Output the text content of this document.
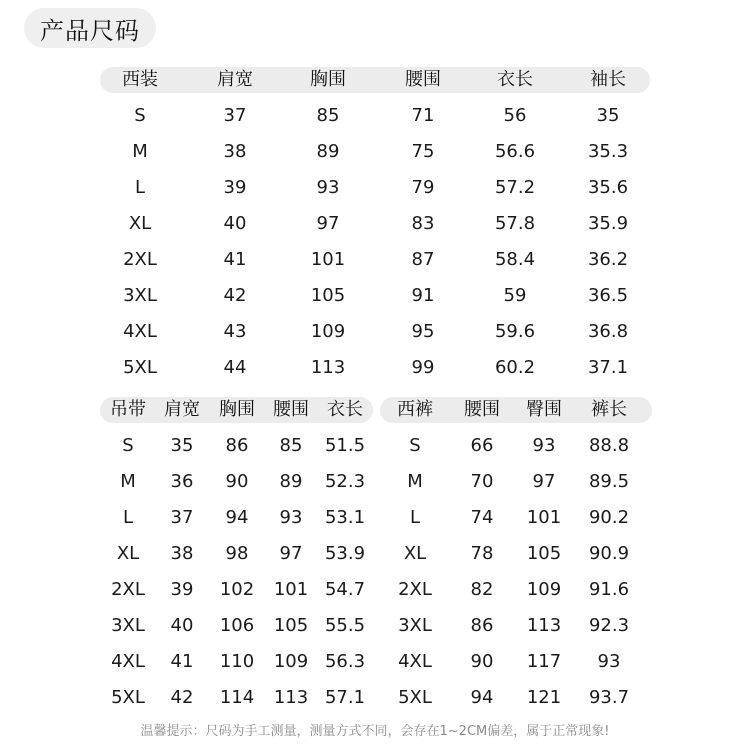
产品尺码
西装	肩宽	胸围	腰围	衣长	袖长
S	37	85	71	56	35
M	38	89	75	56.6	35.3
L	39	93	79	57.2	35.6
XL	40	97	83	57.8	35.9
2XL	41	101	87	58.4	36.2
3XL	42	105	91	59	36.5
4XL	43	109	95	59.6	36.8
5XL	44	113	99	60.2	37.1
吊带 肩宽 胸围 腰围 衣长
S 35 86 85 51.5
M 36 90 89 52.3
L 37 94 93 53.1
XL 38 98 97 53.9
2XL 39 102 101 54.7
3XL 40 106 105 55.5
4XL 41 110 109 56.3
5XL 42 114 113 57.1
西裤 腰围 臀围 裤长
S	66 93 88.8
M	70 97 89.5
L	74 101 90.2
XL 78 105 90.9
2XL 82 109 91.6
3XL 86 113 92.3
4XL 90 117 93
5XL 94 121 93.7
温馨提示：尺码为手工测量，测量方式不同，会存在1~2CM偏差，属于正常现象!
